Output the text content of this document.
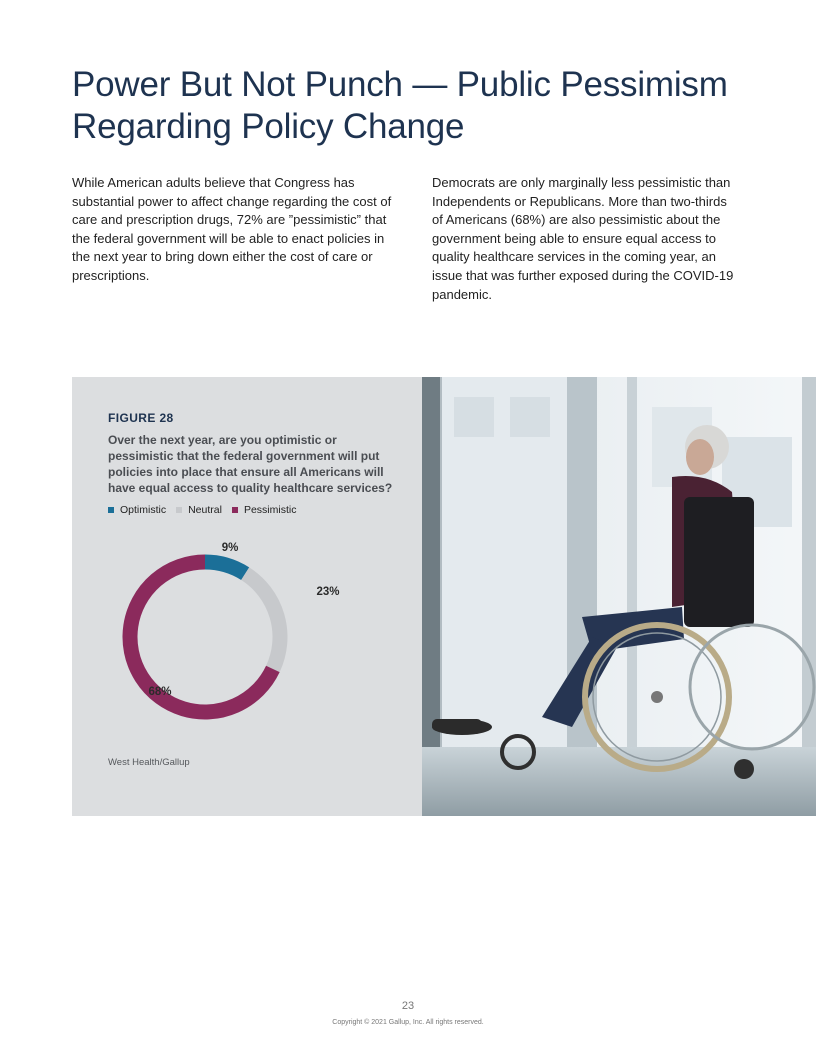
Power But Not Punch — Public Pessimism Regarding Policy Change

While American adults believe that Congress has substantial power to affect change regarding the cost of care and prescription drugs, 72% are ”pessimistic” that the federal government will be able to enact policies in the next year to bring down either the cost of care or prescriptions.

Democrats are only marginally less pessimistic than Independents or Republicans. More than two-thirds of Americans (68%) are also pessimistic about the government being able to ensure equal access to quality healthcare services in the coming year, an issue that was further exposed during the COVID-19 pandemic.

FIGURE 28
Over the next year, are you optimistic or pessimistic that the federal government will put policies into place that ensure all Americans will have equal access to quality healthcare services?
Optimistic Neutral Pessimistic
9%
23%
68%
West Health/Gallup
23
Copyright © 2021 Gallup, Inc. All rights reserved.
